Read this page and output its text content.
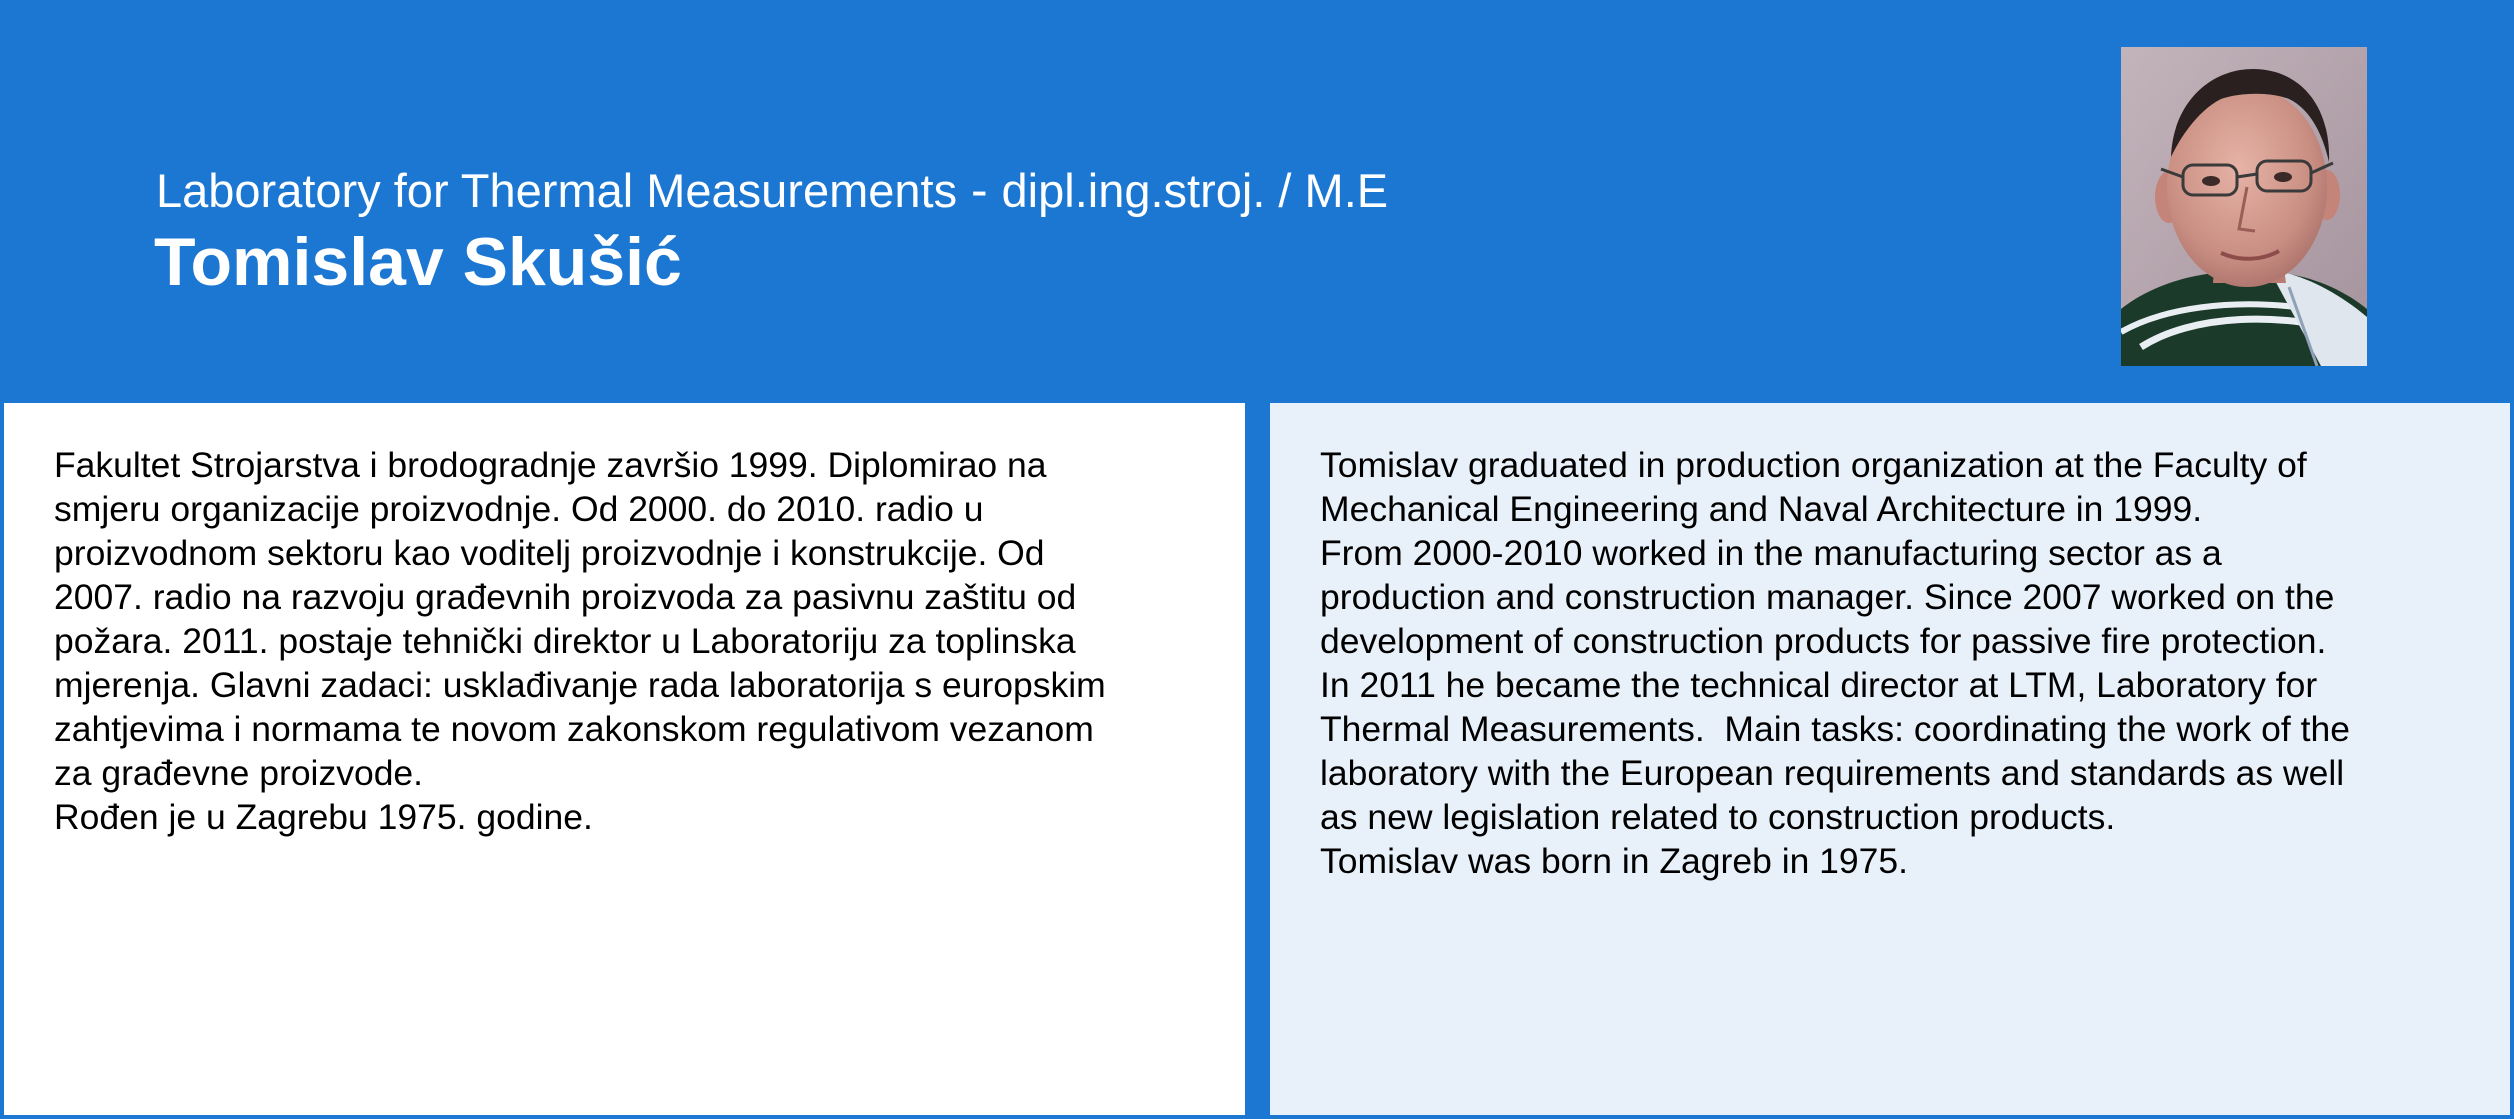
Laboratory for Thermal Measurements - dipl.ing.stroj. / M.E
Tomislav Skušić
Fakultet Strojarstva i brodogradnje završio 1999. Diplomirao na
smjeru organizacije proizvodnje. Od 2000. do 2010. radio u
proizvodnom sektoru kao voditelj proizvodnje i konstrukcije. Od
2007. radio na razvoju građevnih proizvoda za pasivnu zaštitu od
požara. 2011. postaje tehnički direktor u Laboratoriju za toplinska
mjerenja. Glavni zadaci: usklađivanje rada laboratorija s europskim
zahtjevima i normama te novom zakonskom regulativom vezanom
za građevne proizvode.
Rođen je u Zagrebu 1975. godine.
Tomislav graduated in production organization at the Faculty of
Mechanical Engineering and Naval Architecture in 1999.
From 2000-2010 worked in the manufacturing sector as a
production and construction manager. Since 2007 worked on the
development of construction products for passive fire protection.
In 2011 he became the technical director at LTM, Laboratory for
Thermal Measurements.  Main tasks: coordinating the work of the
laboratory with the European requirements and standards as well
as new legislation related to construction products.
Tomislav was born in Zagreb in 1975.
